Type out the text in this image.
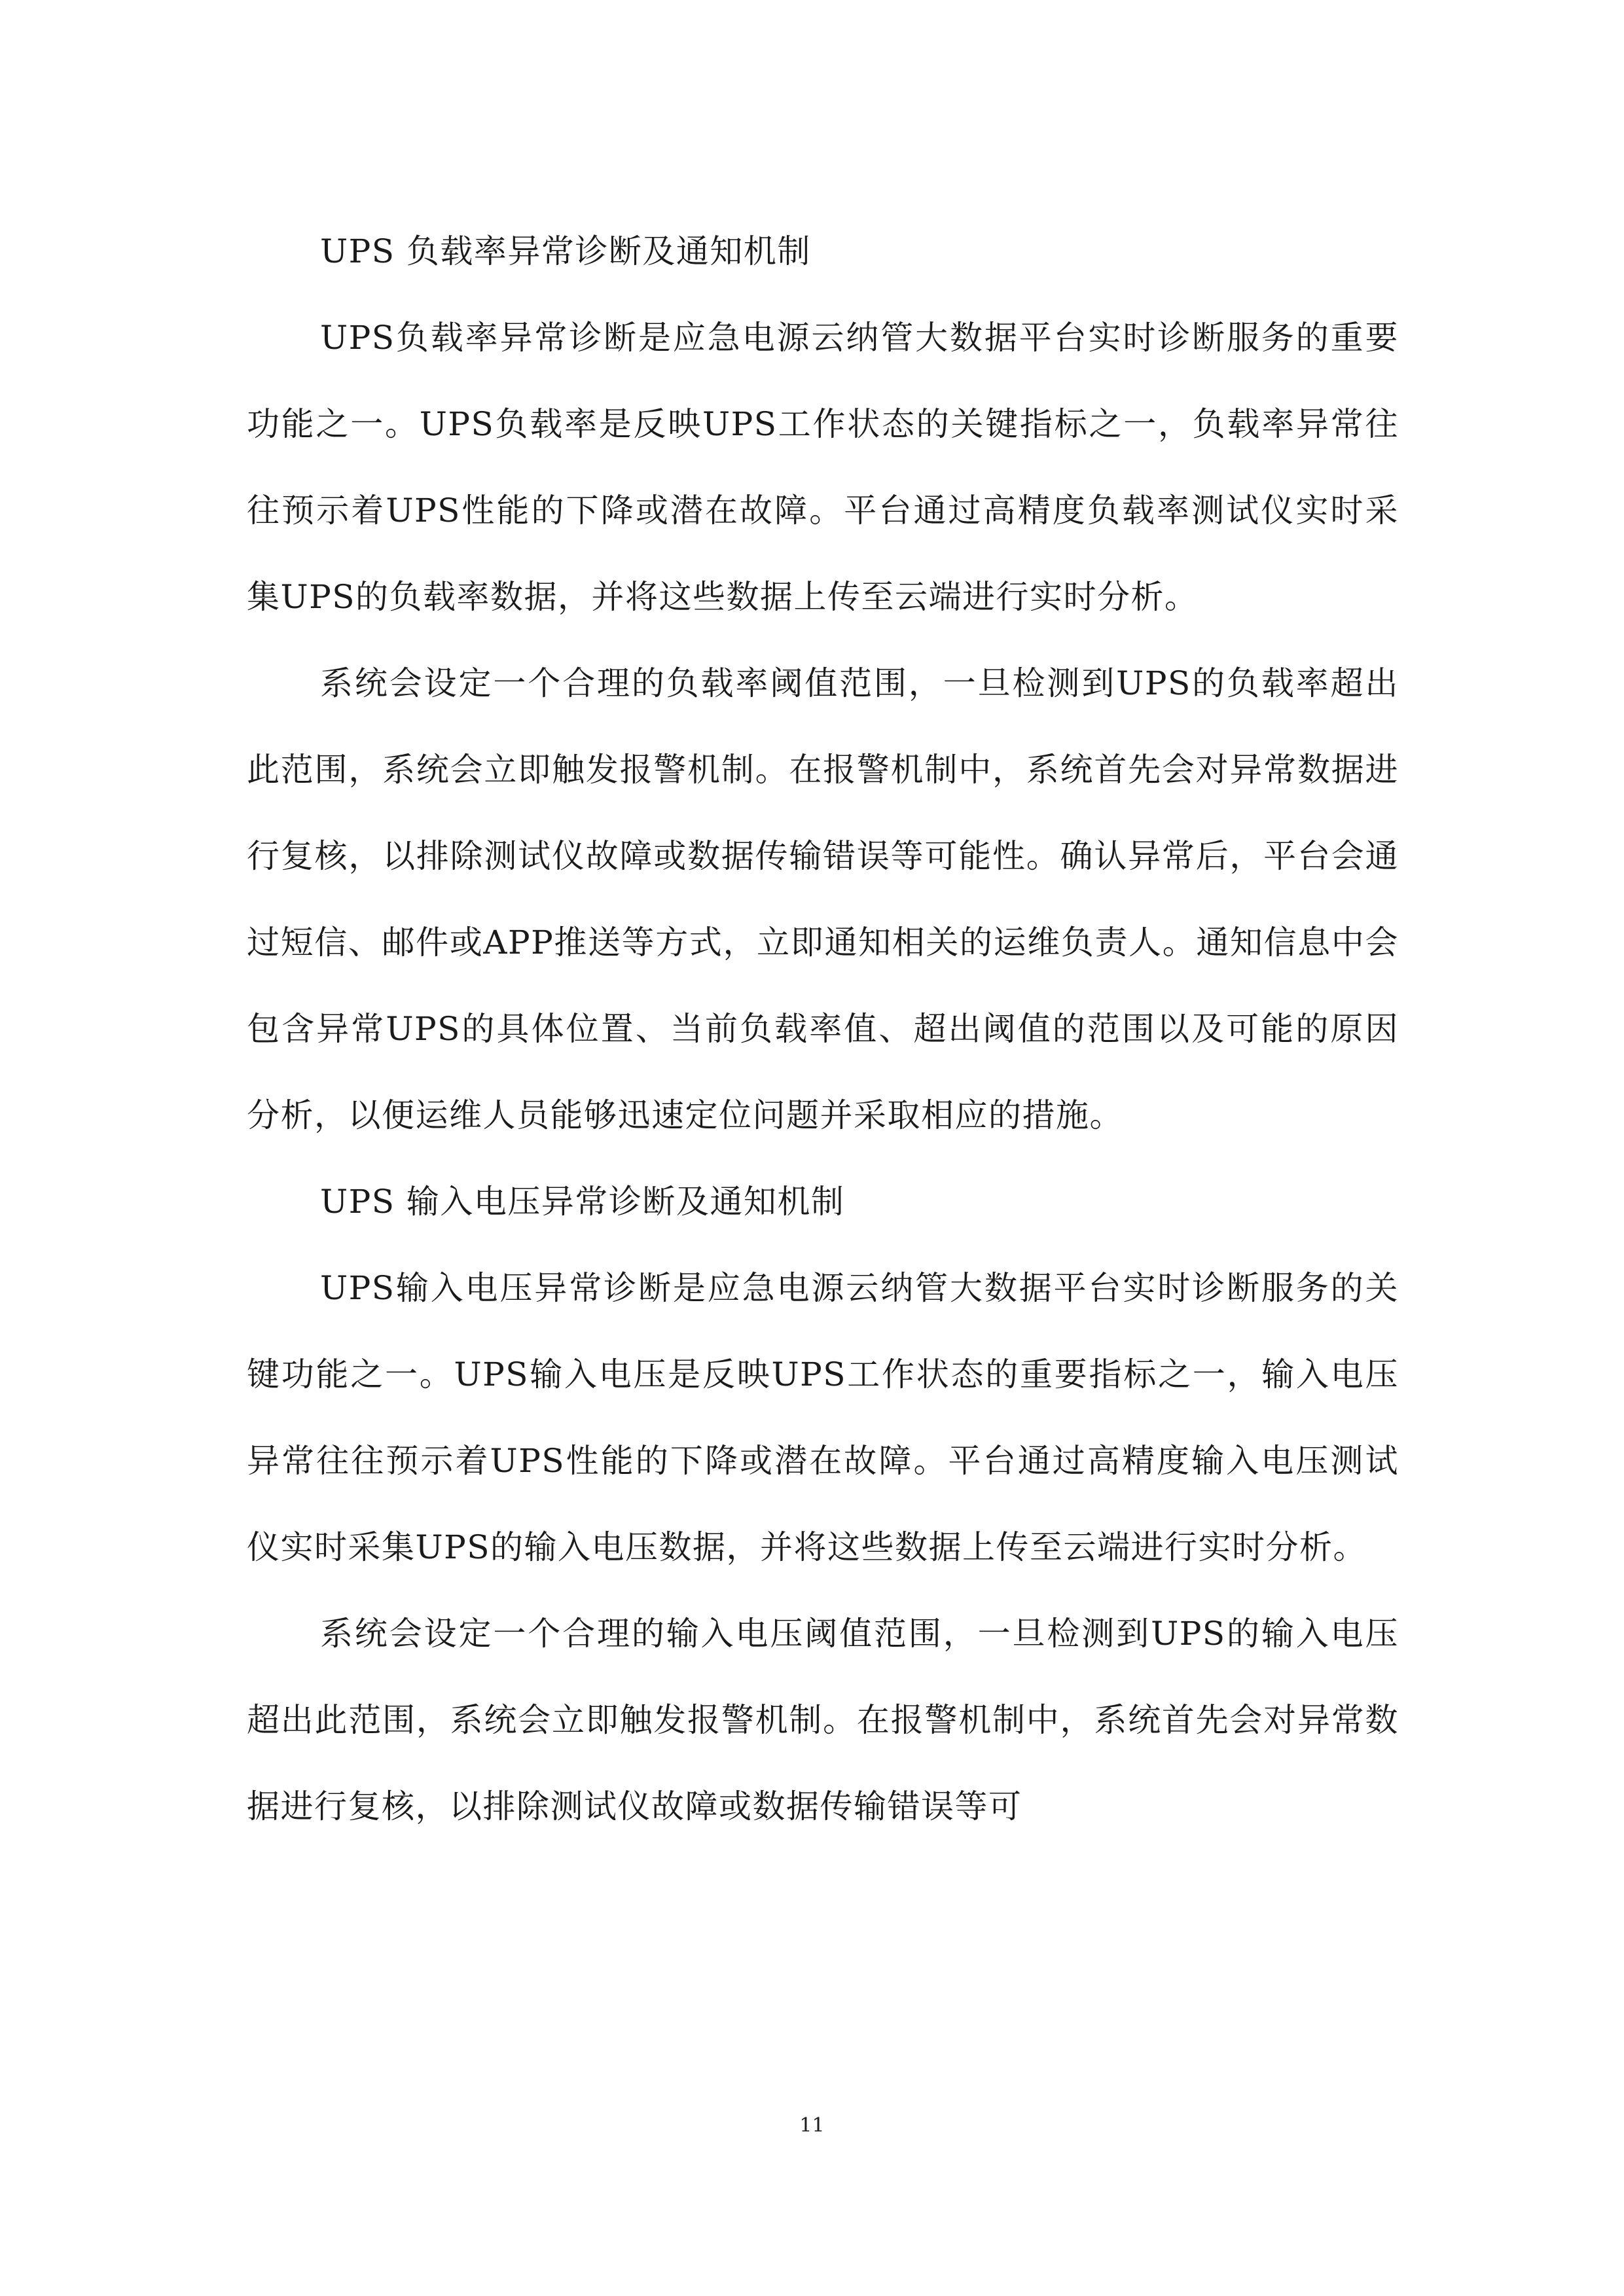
UPS 负载率异常诊断及通知机制

UPS负载率异常诊断是应急电源云纳管大数据平台实时诊断服务的重要功能之一。UPS负载率是反映UPS工作状态的关键指标之一，负载率异常往往预示着UPS性能的下降或潜在故障。平台通过高精度负载率测试仪实时采集UPS的负载率数据，并将这些数据上传至云端进行实时分析。

系统会设定一个合理的负载率阈值范围，一旦检测到UPS的负载率超出此范围，系统会立即触发报警机制。在报警机制中，系统首先会对异常数据进行复核，以排除测试仪故障或数据传输错误等可能性。确认异常后，平台会通过短信、邮件或APP推送等方式，立即通知相关的运维负责人。通知信息中会包含异常UPS的具体位置、当前负载率值、超出阈值的范围以及可能的原因分析，以便运维人员能够迅速定位问题并采取相应的措施。

UPS 输入电压异常诊断及通知机制

UPS输入电压异常诊断是应急电源云纳管大数据平台实时诊断服务的关键功能之一。UPS输入电压是反映UPS工作状态的重要指标之一，输入电压异常往往预示着UPS性能的下降或潜在故障。平台通过高精度输入电压测试仪实时采集UPS的输入电压数据，并将这些数据上传至云端进行实时分析。

系统会设定一个合理的输入电压阈值范围，一旦检测到UPS的输入电压超出此范围，系统会立即触发报警机制。在报警机制中，系统首先会对异常数据进行复核，以排除测试仪故障或数据传输错误等可

11
